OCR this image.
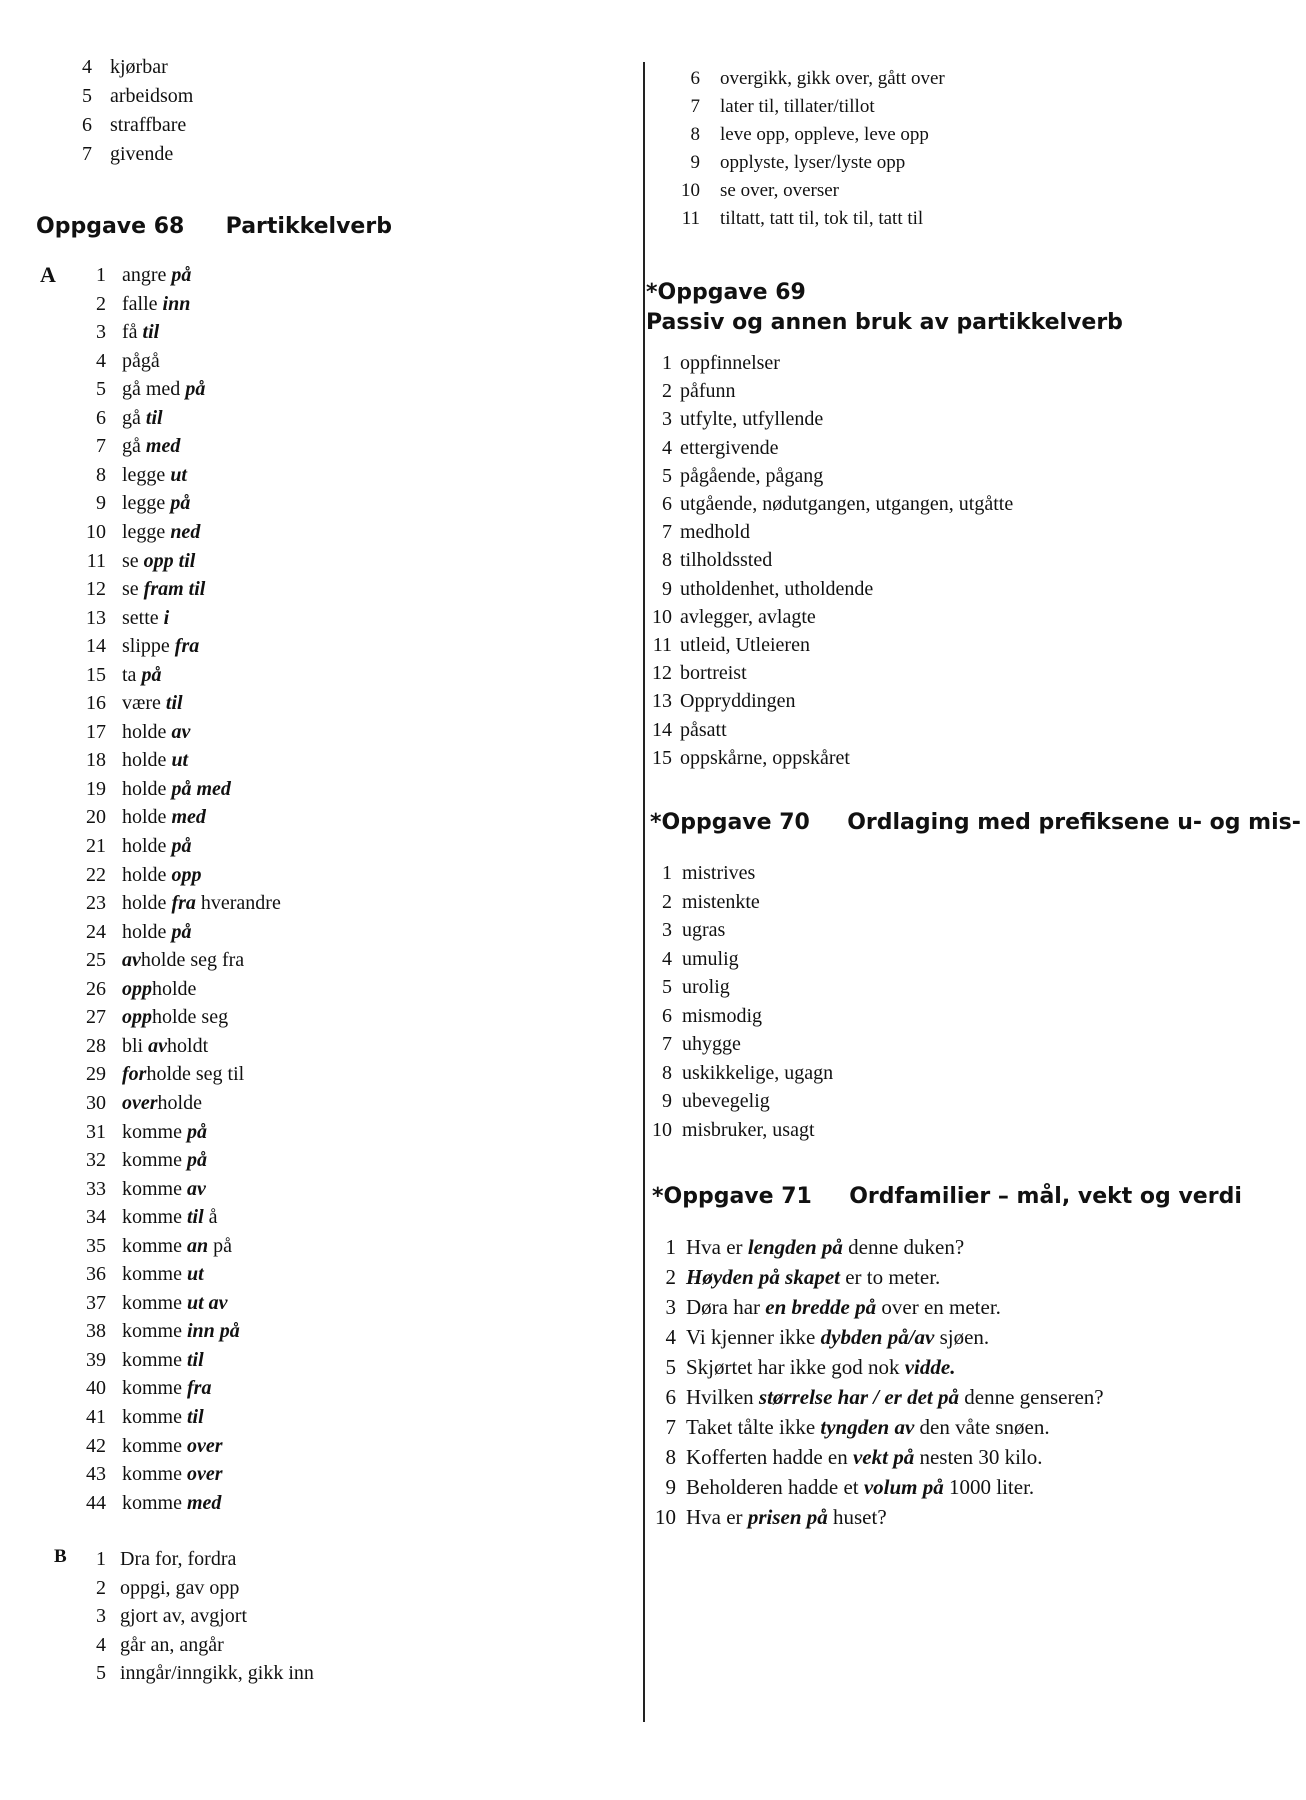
Oppgave 68 Partikkelverb
A
B
*Oppgave 69
Passiv og annen bruk av partikkelverb
*Oppgave 70 Ordlaging med prefiksene u- og mis-
*Oppgave 71 Ordfamilier – mål, vekt og verdi
4 kjørbar
5 arbeidsom
6 straffbare
7 givende
1 angre på
2 falle inn
3 få til
4 pågå
5 gå med på
6 gå til
7 gå med
8 legge ut
9 legge på
10 legge ned
11 se opp til
12 se fram til
13 sette i
14 slippe fra
15 ta på
16 være til
17 holde av
18 holde ut
19 holde på med
20 holde med
21 holde på
22 holde opp
23 holde fra hverandre
24 holde på
25 avholde seg fra
26 oppholde
27 oppholde seg
28 bli avholdt
29 forholde seg til
30 overholde
31 komme på
32 komme på
33 komme av
34 komme til å
35 komme an på
36 komme ut
37 komme ut av
38 komme inn på
39 komme til
40 komme fra
41 komme til
42 komme over
43 komme over
44 komme med
1 Dra for, fordra
2 oppgi, gav opp
3 gjort av, avgjort
4 går an, angår
5 inngår/inngikk, gikk inn
6 overgikk, gikk over, gått over
7 later til, tillater/tillot
8 leve opp, oppleve, leve opp
9 opplyste, lyser/lyste opp
10 se over, overser
11 tiltatt, tatt til, tok til, tatt til
1 oppfinnelser
2 påfunn
3 utfylte, utfyllende
4 ettergivende
5 pågående, pågang
6 utgående, nødutgangen, utgangen, utgåtte
7 medhold
8 tilholdssted
9 utholdenhet, utholdende
10 avlegger, avlagte
11 utleid, Utleieren
12 bortreist
13 Oppryddingen
14 påsatt
15 oppskårne, oppskåret
1 mistrives
2 mistenkte
3 ugras
4 umulig
5 urolig
6 mismodig
7 uhygge
8 uskikkelige, ugagn
9 ubevegelig
10 misbruker, usagt
1 Hva er lengden på denne duken?
2 Høyden på skapet er to meter.
3 Døra har en bredde på over en meter.
4 Vi kjenner ikke dybden på/av sjøen.
5 Skjørtet har ikke god nok vidde.
6 Hvilken størrelse har / er det på denne genseren?
7 Taket tålte ikke tyngden av den våte snøen.
8 Kofferten hadde en vekt på nesten 30 kilo.
9 Beholderen hadde et volum på 1000 liter.
10 Hva er prisen på huset?
